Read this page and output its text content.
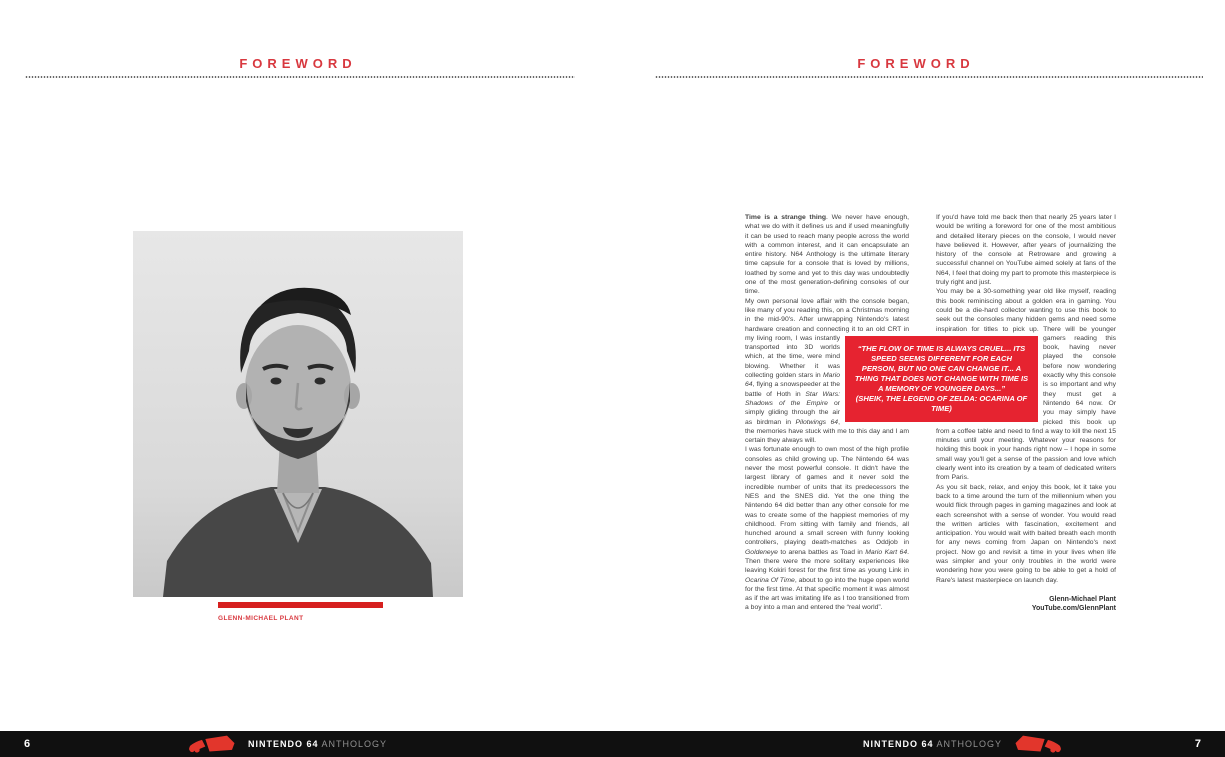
FOREWORD
GLENN-MICHAEL PLANT
FOREWORD

Time is a strange thing. We never have enough, what we do with it defines us and if used meaningfully it can be used to reach many people across the world with a common interest, and it can encapsulate an entire history. N64 Anthology is the ultimate literary time capsule for a console that is loved by millions, loathed by some and yet to this day was undoubtedly one of the most generation-defining consoles of our time.

My own personal love affair with the console began, like many of you reading this, on a Christmas morning in the mid-90's. After unwrapping Nintendo's latest hardware creation and connecting it to an old CRT in my living room, I was instantly transported into 3D worlds which, at the time, were mind blowing. Whether it was collecting golden stars in Mario 64, flying a snowspeeder at the battle of Hoth in Star Wars: Shadows of the Empire or simply gliding through the air as birdman in Pilotwings 64, the memories have stuck with me to this day and I am certain they always will.

I was fortunate enough to own most of the high profile consoles as child growing up. The Nintendo 64 was never the most powerful console. It didn't have the largest library of games and it never sold the incredible number of units that its predecessors the NES and the SNES did. Yet the one thing the Nintendo 64 did better than any other console for me was to create some of the happiest memories of my childhood. From sitting with family and friends, all hunched around a small screen with funny looking controllers, playing death-matches as Oddjob in Goldeneye to arena battles as Toad in Mario Kart 64. Then there were the more solitary experiences like leaving Kokiri forest for the first time as young Link in Ocarina Of Time, about to go into the huge open world for the first time. At that specific moment it was almost as if the art was imitating life as I too transitioned from a boy into a man and entered the “real world”.

If you'd have told me back then that nearly 25 years later I would be writing a foreword for one of the most ambitious and detailed literary pieces on the console, I would never have believed it. However, after years of journalizing the history of the console at Retroware and growing a successful channel on YouTube aimed solely at fans of the N64, I feel that doing my part to promote this masterpiece is truly right and just.

You may be a 30-something year old like myself, reading this book reminiscing about a golden era in gaming. You could be a die-hard collector wanting to use this book to seek out the consoles many hidden gems and need some inspiration for titles to pick up. There will be younger gamers reading this book, having never played the console before now wondering exactly why this console is so important and why they must get a Nintendo 64 now. Or you may simply have picked this book up from a coffee table and need to find a way to kill the next 15 minutes until your meeting. Whatever your reasons for holding this book in your hands right now – I hope in some small way you'll get a sense of the passion and love which clearly went into its creation by a team of dedicated writers from Paris.

As you sit back, relax, and enjoy this book, let it take you back to a time around the turn of the millennium when you would flick through pages in gaming magazines and look at each screenshot with a sense of wonder. You would read the written articles with fascination, excitement and anticipation. You would wait with baited breath each month for any news coming from Japan on Nintendo's next project. Now go and revisit a time in your lives when life was simpler and your only troubles in the world were wondering how you were going to be able to get a hold of Rare's latest masterpiece on launch day.

Glenn-Michael Plant
YouTube.com/GlennPlant
“THE FLOW OF TIME IS ALWAYS CRUEL... ITS SPEED SEEMS DIFFERENT FOR EACH PERSON, BUT NO ONE CAN CHANGE IT... A THING THAT DOES NOT CHANGE WITH TIME IS A MEMORY OF YOUNGER DAYS...”
(SHEIK, THE LEGEND OF ZELDA: OCARINA OF TIME)
6	7
NINTENDO 64 ANTHOLOGY	NINTENDO 64 ANTHOLOGY
